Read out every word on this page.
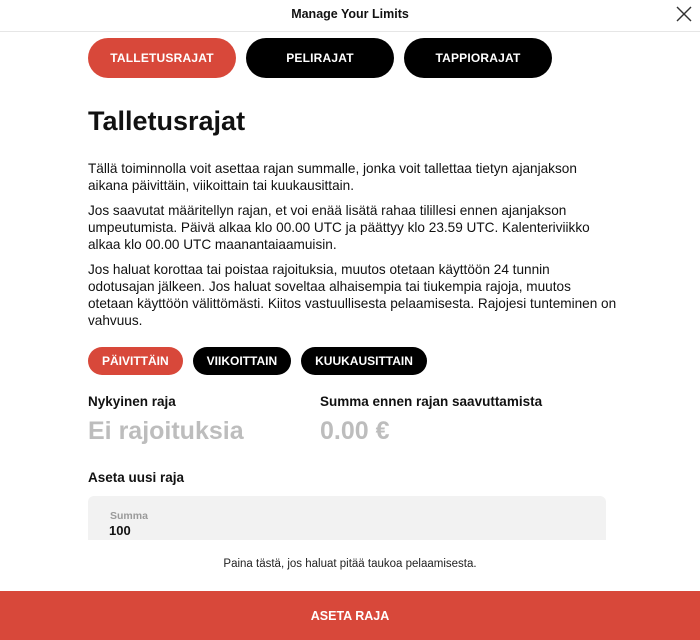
Manage Your Limits
TALLETUSRAJAT	PELIRAJAT	TAPPIORAJAT
Talletusrajat

Tällä toiminnolla voit asettaa rajan summalle, jonka voit tallettaa tietyn ajanjakson aikana päivittäin, viikoittain tai kuukausittain.

Jos saavutat määritellyn rajan, et voi enää lisätä rahaa tilillesi ennen ajanjakson umpeutumista. Päivä alkaa klo 00.00 UTC ja päättyy klo 23.59 UTC. Kalenteriviikko alkaa klo 00.00 UTC maanantaiaamuisin.

Jos haluat korottaa tai poistaa rajoituksia, muutos otetaan käyttöön 24 tunnin odotusajan jälkeen. Jos haluat soveltaa alhaisempia tai tiukempia rajoja, muutos otetaan käyttöön välittömästi. Kiitos vastuullisesta pelaamisesta. Rajojesi tunteminen on vahvuus.

PÄIVITTÄIN	VIIKOITTAIN	KUUKAUSITTAIN
Nykyinen raja
Ei rajoituksia
Summa ennen rajan saavuttamista
0.00 €
Aseta uusi raja
Summa
100
Paina tästä, jos haluat pitää taukoa pelaamisesta.
ASETA RAJA
